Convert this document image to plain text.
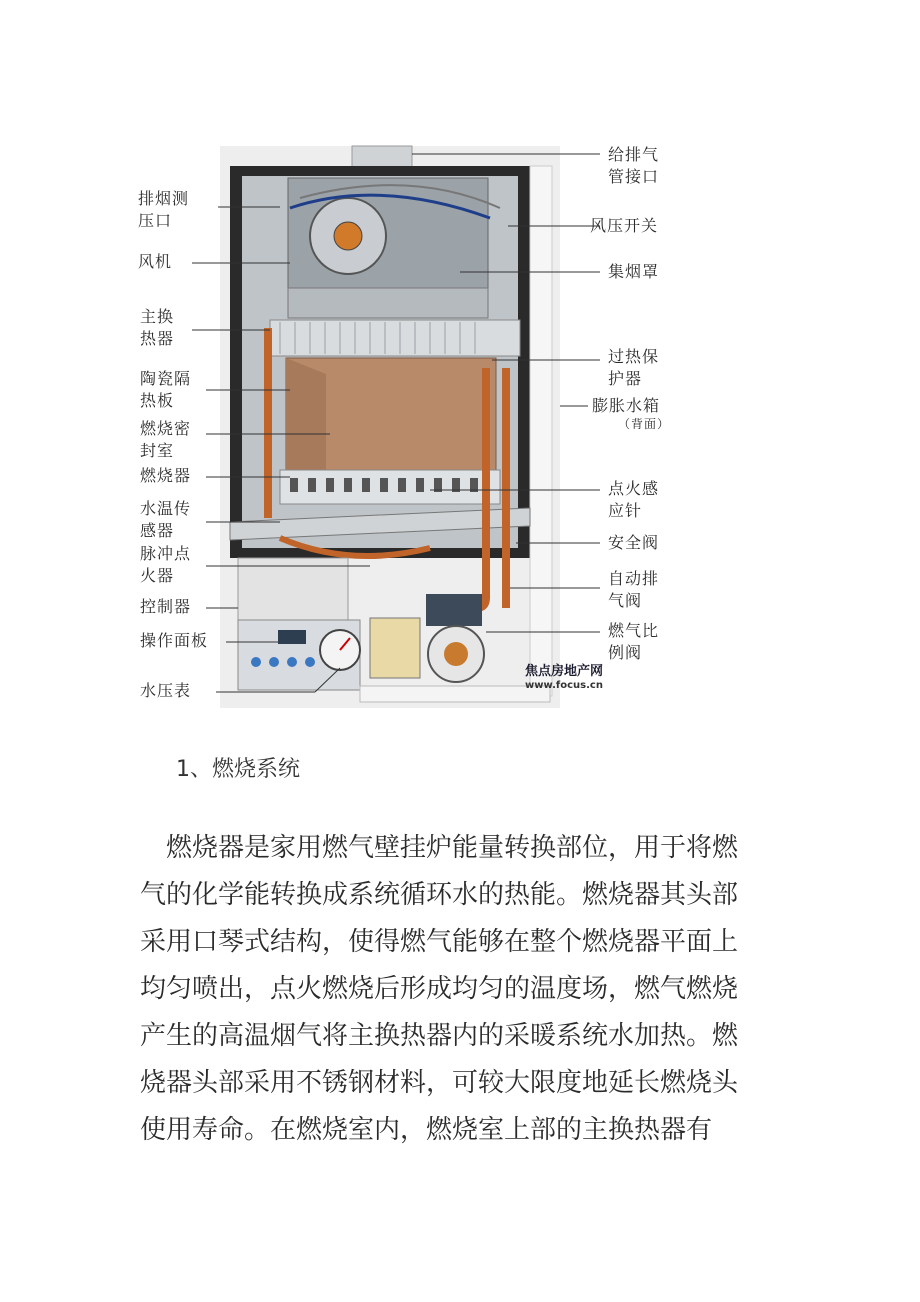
排烟测
压口
风机
主换
热器
陶瓷隔
热板
燃烧密
封室
燃烧器
水温传
感器
脉冲点
火器
控制器
操作面板
水压表
给排气
管接口
风压开关
集烟罩
过热保
护器
膨胀水箱
（背面）
点火感
应针
安全阀
自动排
气阀
燃气比
例阀
焦点房地产网
www.focus.cn
1、燃烧系统
　燃烧器是家用燃气壁挂炉能量转换部位，用于将燃
气的化学能转换成系统循环水的热能。燃烧器其头部
采用口琴式结构，使得燃气能够在整个燃烧器平面上
均匀喷出，点火燃烧后形成均匀的温度场，燃气燃烧
产生的高温烟气将主换热器内的采暖系统水加热。燃
烧器头部采用不锈钢材料，可较大限度地延长燃烧头
使用寿命。在燃烧室内，燃烧室上部的主换热器有
